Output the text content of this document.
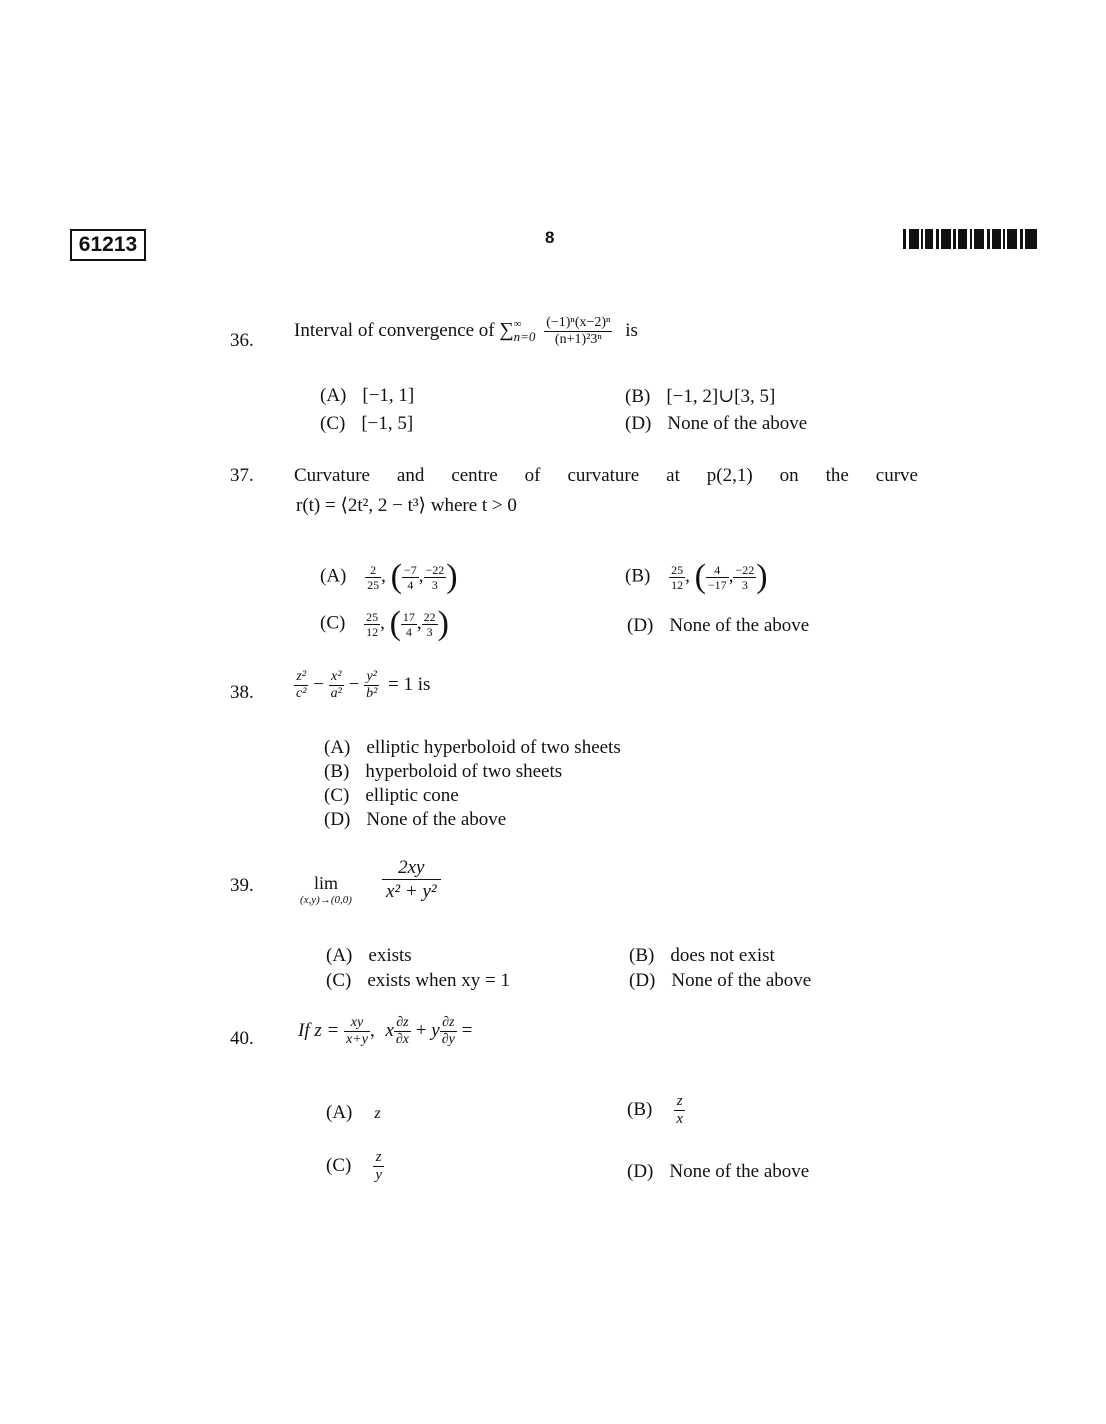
61213	8
36. Interval of convergence of ∑ ∞
n=0
$\frac{\text{(−1)ⁿ(x−2)ⁿ}}{\text{(n+1)²3ⁿ}}$ is
(A) [−1, 1]	(B) [−1, 2]∪[3, 5]
(C) [−1, 5]	(D) None of the above
37. Curvature and centre of curvature at p(2,1) on the curve
r(t) = ⟨2t², 2 − t³⟩ where t > 0
$(A) \frac{2}{25}$ , ( $\frac{-7}{4}$ , $\frac{-22}{3}$ )	$(B) \frac{25}{12}$ , ( $\frac{4}{-17}$ , $\frac{-22}{3}$ )
$(C) \frac{25}{12}$ , ( $\frac{17}{4}$ , $\frac{22}{3}$ )	(D) None of the above
38.	$\frac{\text{z²}}{\text{c²}} - \frac{\text{x²}}{\text{a²}} - \frac{\text{y²}}{\text{b²}} = 1$ is
(A) elliptic hyperboloid of two sheets
(B) hyperboloid of two sheets
(C) elliptic cone
(D) None of the above
39.	lim
$(x,y)\to(0,0) \frac{2xy}{\text{x² + y²}}$
(A) exists	(B) does not exist
(C) exists when xy = 1	(D) None of the above
40. If $z = \frac{xy}{x+y}$ , x $\frac{\partial z}{\partial x} + y \frac{\partial z}{\partial y}$ =
(A) z	$(B) \frac{z}{x}$
$(C) \frac{z}{y}$	(D) None of the above
